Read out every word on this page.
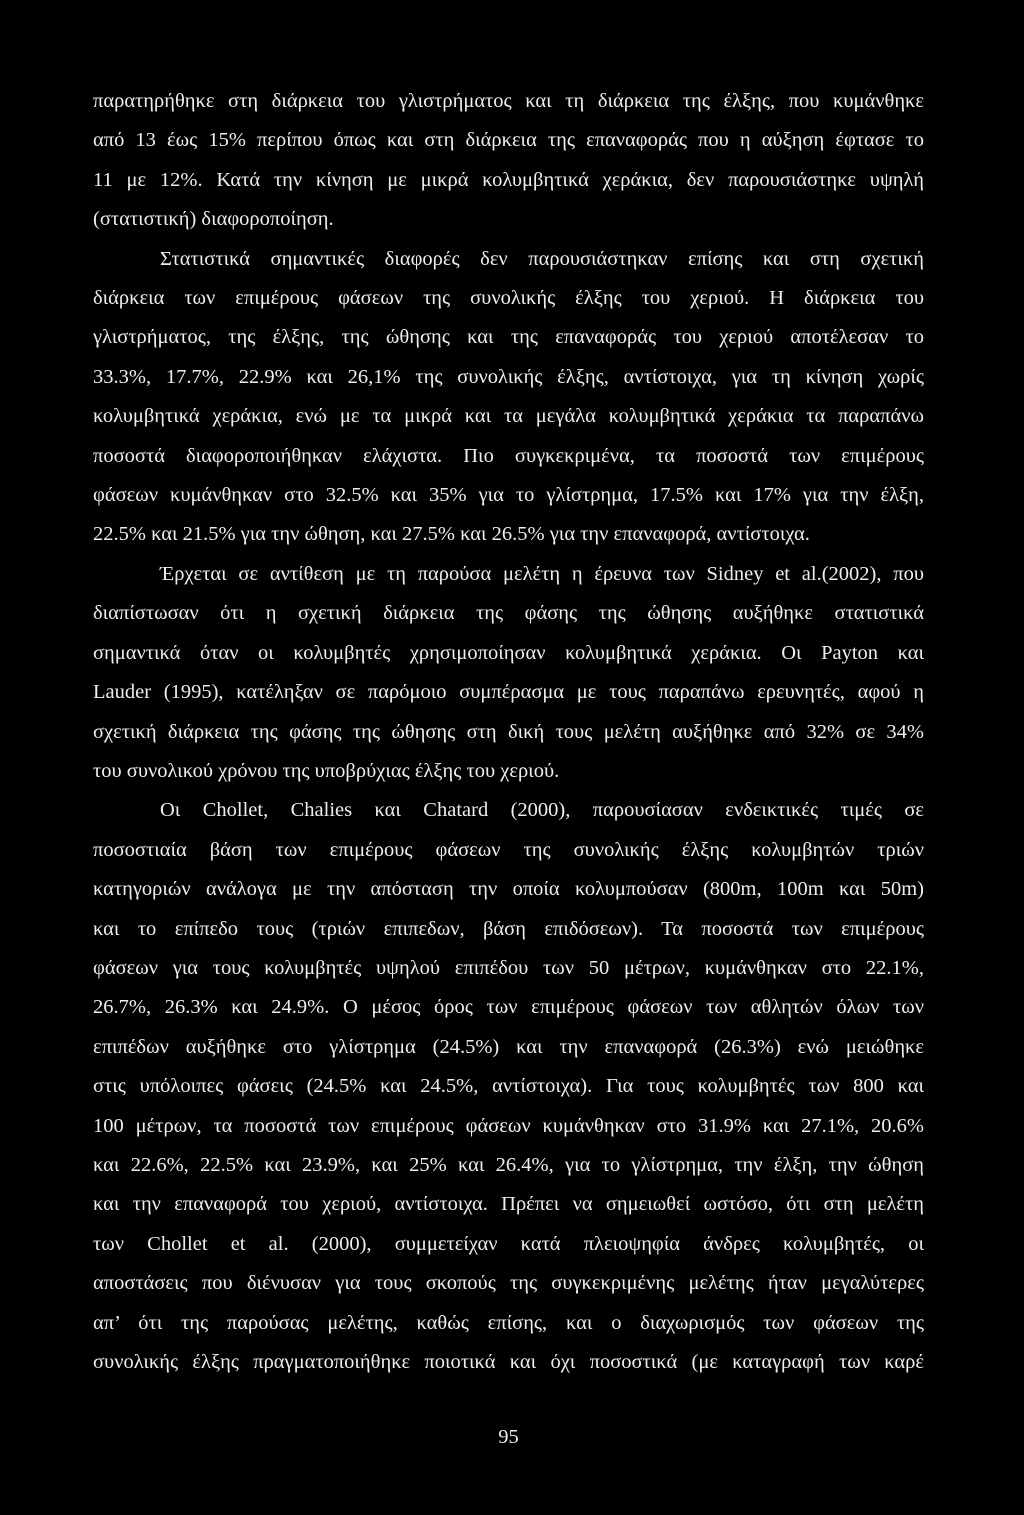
παρατηρήθηκε στη διάρκεια του γλιστρήματος και τη διάρκεια της έλξης, που κυμάνθηκε
από 13 έως 15% περίπου όπως και στη διάρκεια της επαναφοράς που η αύξηση έφτασε το
11 με 12%. Κατά την κίνηση με μικρά κολυμβητικά χεράκια, δεν παρουσιάστηκε υψηλή
(στατιστική) διαφοροποίηση.
Στατιστικά σημαντικές διαφορές δεν παρουσιάστηκαν επίσης και στη σχετική
διάρκεια των επιμέρους φάσεων της συνολικής έλξης του χεριού. Η διάρκεια του
γλιστρήματος, της έλξης, της ώθησης και της επαναφοράς του χεριού αποτέλεσαν το
33.3%, 17.7%, 22.9% και 26,1% της συνολικής έλξης, αντίστοιχα, για τη κίνηση χωρίς
κολυμβητικά χεράκια, ενώ με τα μικρά και τα μεγάλα κολυμβητικά χεράκια τα παραπάνω
ποσοστά διαφοροποιήθηκαν ελάχιστα. Πιο συγκεκριμένα, τα ποσοστά των επιμέρους
φάσεων κυμάνθηκαν στο 32.5% και 35% για το γλίστρημα, 17.5% και 17% για την έλξη,
22.5% και 21.5% για την ώθηση, και 27.5% και 26.5% για την επαναφορά, αντίστοιχα.
Έρχεται σε αντίθεση με τη παρούσα μελέτη η έρευνα των Sidney et al.(2002), που
διαπίστωσαν ότι η σχετική διάρκεια της φάσης της ώθησης αυξήθηκε στατιστικά
σημαντικά όταν οι κολυμβητές χρησιμοποίησαν κολυμβητικά χεράκια. Οι Payton και
Lauder (1995), κατέληξαν σε παρόμοιο συμπέρασμα με τους παραπάνω ερευνητές, αφού η
σχετική διάρκεια της φάσης της ώθησης στη δική τους μελέτη αυξήθηκε από 32% σε 34%
του συνολικού χρόνου της υποβρύχιας έλξης του χεριού.
Οι Chollet, Chalies και Chatard (2000), παρουσίασαν ενδεικτικές τιμές σε
ποσοστιαία βάση των επιμέρους φάσεων της συνολικής έλξης κολυμβητών τριών
κατηγοριών ανάλογα με την απόσταση την οποία κολυμπούσαν (800m, 100m και 50m)
και το επίπεδο τους (τριών επιπεδων, βάση επιδόσεων). Τα ποσοστά των επιμέρους
φάσεων για τους κολυμβητές υψηλού επιπέδου των 50 μέτρων, κυμάνθηκαν στο 22.1%,
26.7%, 26.3% και 24.9%. Ο μέσος όρος των επιμέρους φάσεων των αθλητών όλων των
επιπέδων αυξήθηκε στο γλίστρημα (24.5%) και την επαναφορά (26.3%) ενώ μειώθηκε
στις υπόλοιπες φάσεις (24.5% και 24.5%, αντίστοιχα). Για τους κολυμβητές των 800 και
100 μέτρων, τα ποσοστά των επιμέρους φάσεων κυμάνθηκαν στο 31.9% και 27.1%, 20.6%
και 22.6%, 22.5% και 23.9%, και 25% και 26.4%, για το γλίστρημα, την έλξη, την ώθηση
και την επαναφορά του χεριού, αντίστοιχα. Πρέπει να σημειωθεί ωστόσο, ότι στη μελέτη
των Chollet et al. (2000), συμμετείχαν κατά πλειοψηφία άνδρες κολυμβητές, οι
αποστάσεις που διένυσαν για τους σκοπούς της συγκεκριμένης μελέτης ήταν μεγαλύτερες
απ’ ότι της παρούσας μελέτης, καθώς επίσης, και ο διαχωρισμός των φάσεων της
συνολικής έλξης πραγματοποιήθηκε ποιοτικά και όχι ποσοστικά (με καταγραφή των καρέ
95
